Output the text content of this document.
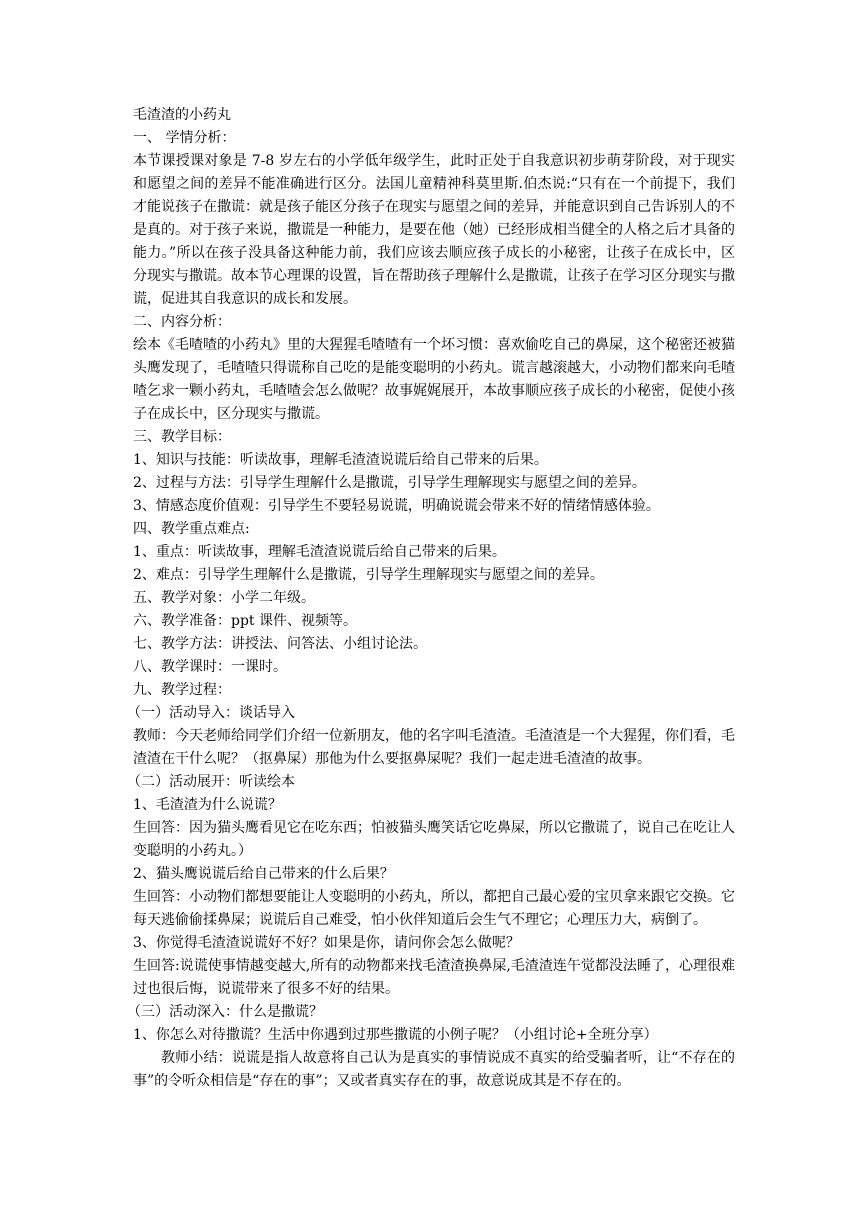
毛渣渣的小药丸

一、 学情分析：

本节课授课对象是 7-8 岁左右的小学低年级学生，此时正处于自我意识初步萌芽阶段，对于现实和愿望之间的差异不能准确进行区分。法国儿童精神科莫里斯.伯杰说:“只有在一个前提下，我们才能说孩子在撒谎：就是孩子能区分孩子在现实与愿望之间的差异，并能意识到自己告诉别人的不是真的。对于孩子来说，撒谎是一种能力，是要在他（她）已经形成相当健全的人格之后才具备的能力。”所以在孩子没具备这种能力前，我们应该去顺应孩子成长的小秘密，让孩子在成长中，区分现实与撒谎。故本节心理课的设置，旨在帮助孩子理解什么是撒谎，让孩子在学习区分现实与撒谎，促进其自我意识的成长和发展。

二、内容分析：

绘本《毛喳喳的小药丸》里的大猩猩毛喳喳有一个坏习惯：喜欢偷吃自己的鼻屎，这个秘密还被猫头鹰发现了，毛喳喳只得谎称自己吃的是能变聪明的小药丸。谎言越滚越大，小动物们都来向毛喳喳乞求一颗小药丸，毛喳喳会怎么做呢？故事娓娓展开，本故事顺应孩子成长的小秘密，促使小孩子在成长中，区分现实与撒谎。

三、教学目标：

1、知识与技能：听读故事，理解毛渣渣说谎后给自己带来的后果。

2、过程与方法：引导学生理解什么是撒谎，引导学生理解现实与愿望之间的差异。

3、情感态度价值观：引导学生不要轻易说谎，明确说谎会带来不好的情绪情感体验。

四、教学重点难点:

1、重点：听读故事，理解毛渣渣说谎后给自己带来的后果。

2、难点：引导学生理解什么是撒谎，引导学生理解现实与愿望之间的差异。

五、教学对象：小学二年级。

六、教学准备：ppt 课件、视频等。

七、教学方法：讲授法、问答法、小组讨论法。

八、教学课时：一课时。

九、教学过程：

（一）活动导入：谈话导入

教师：今天老师给同学们介绍一位新朋友，他的名字叫毛渣渣。毛渣渣是一个大猩猩，你们看，毛渣渣在干什么呢？（抠鼻屎）那他为什么要抠鼻屎呢？我们一起走进毛渣渣的故事。

（二）活动展开：听读绘本

1、毛渣渣为什么说谎？

生回答：因为猫头鹰看见它在吃东西；怕被猫头鹰笑话它吃鼻屎，所以它撒谎了，说自己在吃让人变聪明的小药丸。）

2、猫头鹰说谎后给自己带来的什么后果？

生回答：小动物们都想要能让人变聪明的小药丸，所以，都把自己最心爱的宝贝拿来跟它交换。它每天逃偷偷揉鼻屎；说谎后自己难受，怕小伙伴知道后会生气不理它；心理压力大，病倒了。

3、你觉得毛渣渣说谎好不好？如果是你，请问你会怎么做呢？

生回答:说谎使事情越变越大,所有的动物都来找毛渣渣换鼻屎,毛渣渣连午觉都没法睡了，心理很难过也很后悔，说谎带来了很多不好的结果。

（三）活动深入：什么是撒谎？

1、你怎么对待撒谎？生活中你遇到过那些撒谎的小例子呢？（小组讨论+全班分享）

教师小结：说谎是指人故意将自己认为是真实的事情说成不真实的给受骗者听，让“不存在的事”的令听众相信是“存在的事”；又或者真实存在的事，故意说成其是不存在的。
